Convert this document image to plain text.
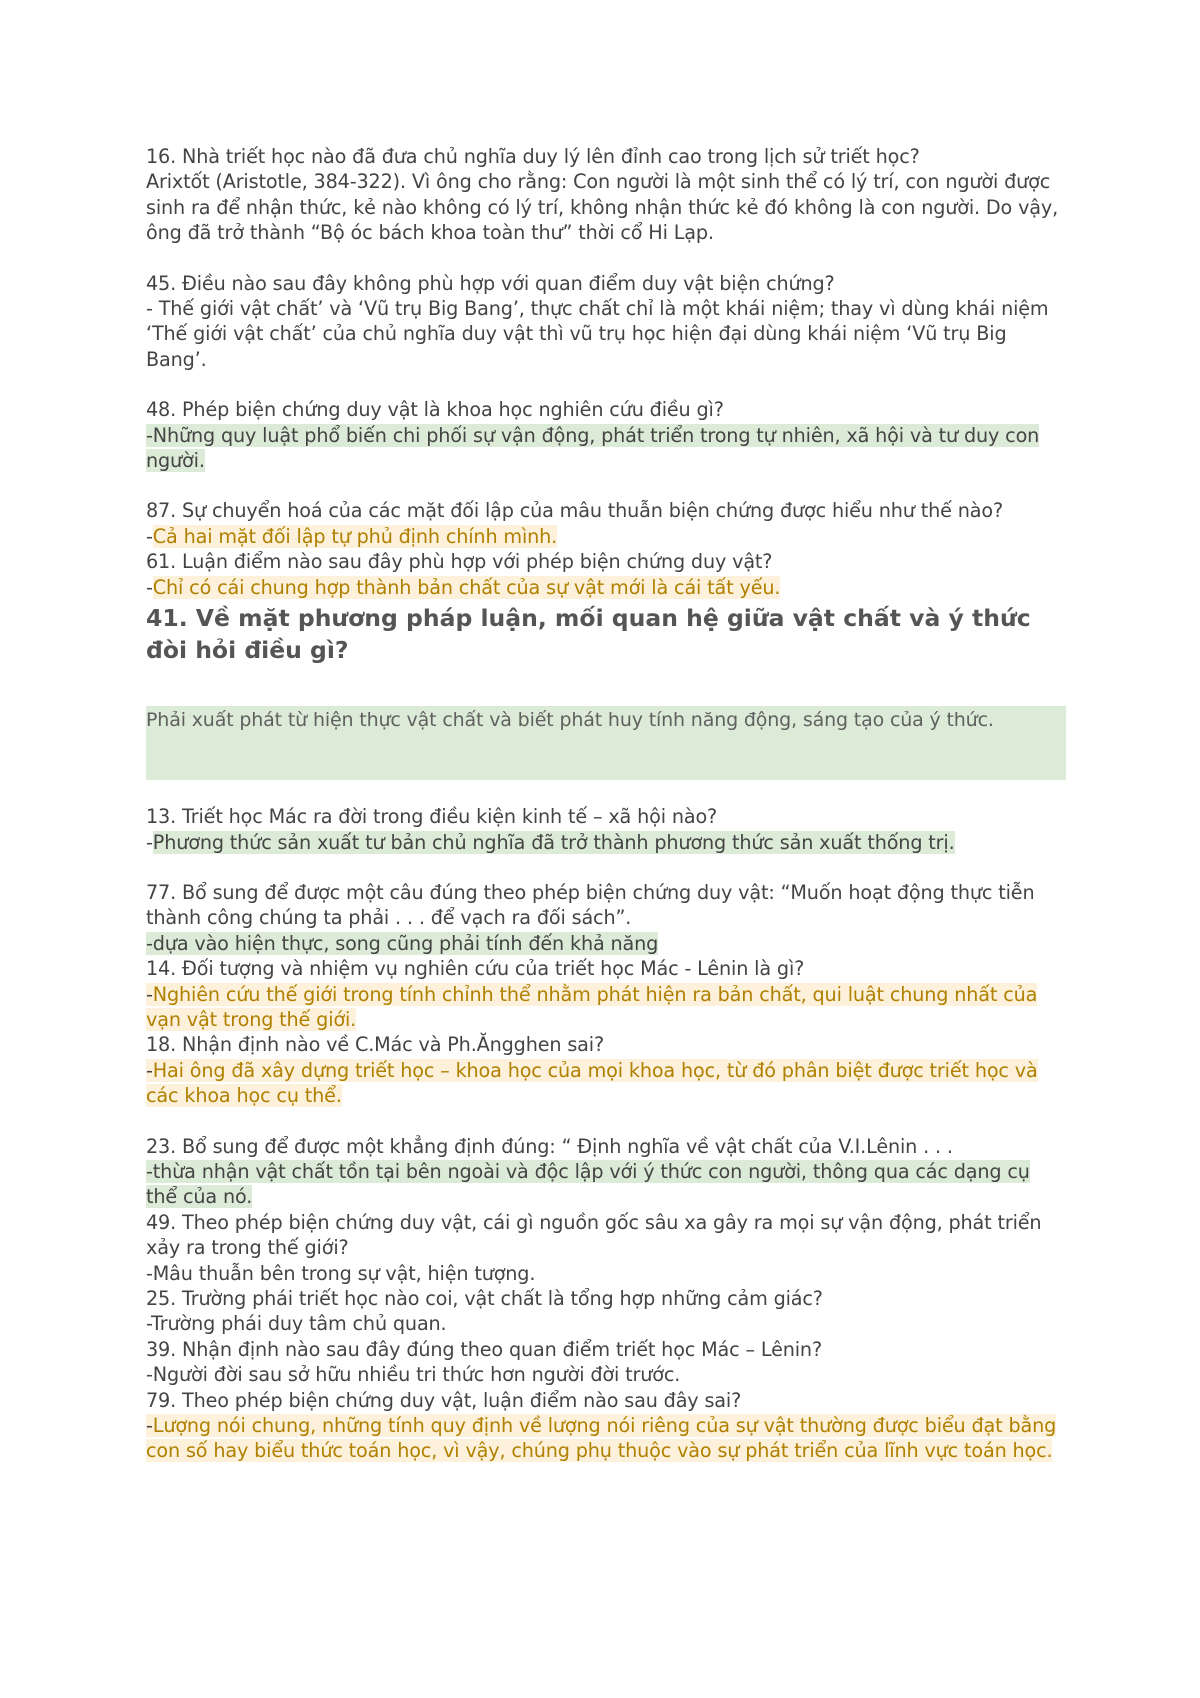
16. Nhà triết học nào đã đưa chủ nghĩa duy lý lên đỉnh cao trong lịch sử triết học?

Arixtốt (Aristotle, 384-322). Vì ông cho rằng: Con người là một sinh thể có lý trí, con người được sinh ra để nhận thức, kẻ nào không có lý trí, không nhận thức kẻ đó không là con người. Do vậy, ông đã trở thành “Bộ óc bách khoa toàn thư” thời cổ Hi Lạp.

45. Điều nào sau đây không phù hợp với quan điểm duy vật biện chứng?

- Thế giới vật chất’ và ‘Vũ trụ Big Bang’, thực chất chỉ là một khái niệm; thay vì dùng khái niệm ‘Thế giới vật chất’ của chủ nghĩa duy vật thì vũ trụ học hiện đại dùng khái niệm ‘Vũ trụ Big Bang’.

48. Phép biện chứng duy vật là khoa học nghiên cứu điều gì?

-Những quy luật phổ biến chi phối sự vận động, phát triển trong tự nhiên, xã hội và tư duy con người.

87. Sự chuyển hoá của các mặt đối lập của mâu thuẫn biện chứng được hiểu như thế nào?

-Cả hai mặt đối lập tự phủ định chính mình.

61. Luận điểm nào sau đây phù hợp với phép biện chứng duy vật?

-Chỉ có cái chung hợp thành bản chất của sự vật mới là cái tất yếu.

41. Về mặt phương pháp luận, mối quan hệ giữa vật chất và ý thức đòi hỏi điều gì?

Phải xuất phát từ hiện thực vật chất và biết phát huy tính năng động, sáng tạo của ý thức.

13. Triết học Mác ra đời trong điều kiện kinh tế – xã hội nào?

-Phương thức sản xuất tư bản chủ nghĩa đã trở thành phương thức sản xuất thống trị.

77. Bổ sung để được một câu đúng theo phép biện chứng duy vật: “Muốn hoạt động thực tiễn thành công chúng ta phải . . . để vạch ra đối sách”.

-dựa vào hiện thực, song cũng phải tính đến khả năng

14. Đối tượng và nhiệm vụ nghiên cứu của triết học Mác - Lênin là gì?

-Nghiên cứu thế giới trong tính chỉnh thể nhằm phát hiện ra bản chất, qui luật chung nhất của vạn vật trong thế giới.

18. Nhận định nào về C.Mác và Ph.Ăngghen sai?

-Hai ông đã xây dựng triết học – khoa học của mọi khoa học, từ đó phân biệt được triết học và các khoa học cụ thể.

23. Bổ sung để được một khẳng định đúng: “ Định nghĩa về vật chất của V.I.Lênin . . .

-thừa nhận vật chất tồn tại bên ngoài và độc lập với ý thức con người, thông qua các dạng cụ thể của nó.

49. Theo phép biện chứng duy vật, cái gì nguồn gốc sâu xa gây ra mọi sự vận động, phát triển xảy ra trong thế giới?

-Mâu thuẫn bên trong sự vật, hiện tượng.

25. Trường phái triết học nào coi, vật chất là tổng hợp những cảm giác?

-Trường phái duy tâm chủ quan.

39. Nhận định nào sau đây đúng theo quan điểm triết học Mác – Lênin?

-Người đời sau sở hữu nhiều tri thức hơn người đời trước.

79. Theo phép biện chứng duy vật, luận điểm nào sau đây sai?

-Lượng nói chung, những tính quy định về lượng nói riêng của sự vật thường được biểu đạt bằng con số hay biểu thức toán học, vì vậy, chúng phụ thuộc vào sự phát triển của lĩnh vực toán học.
